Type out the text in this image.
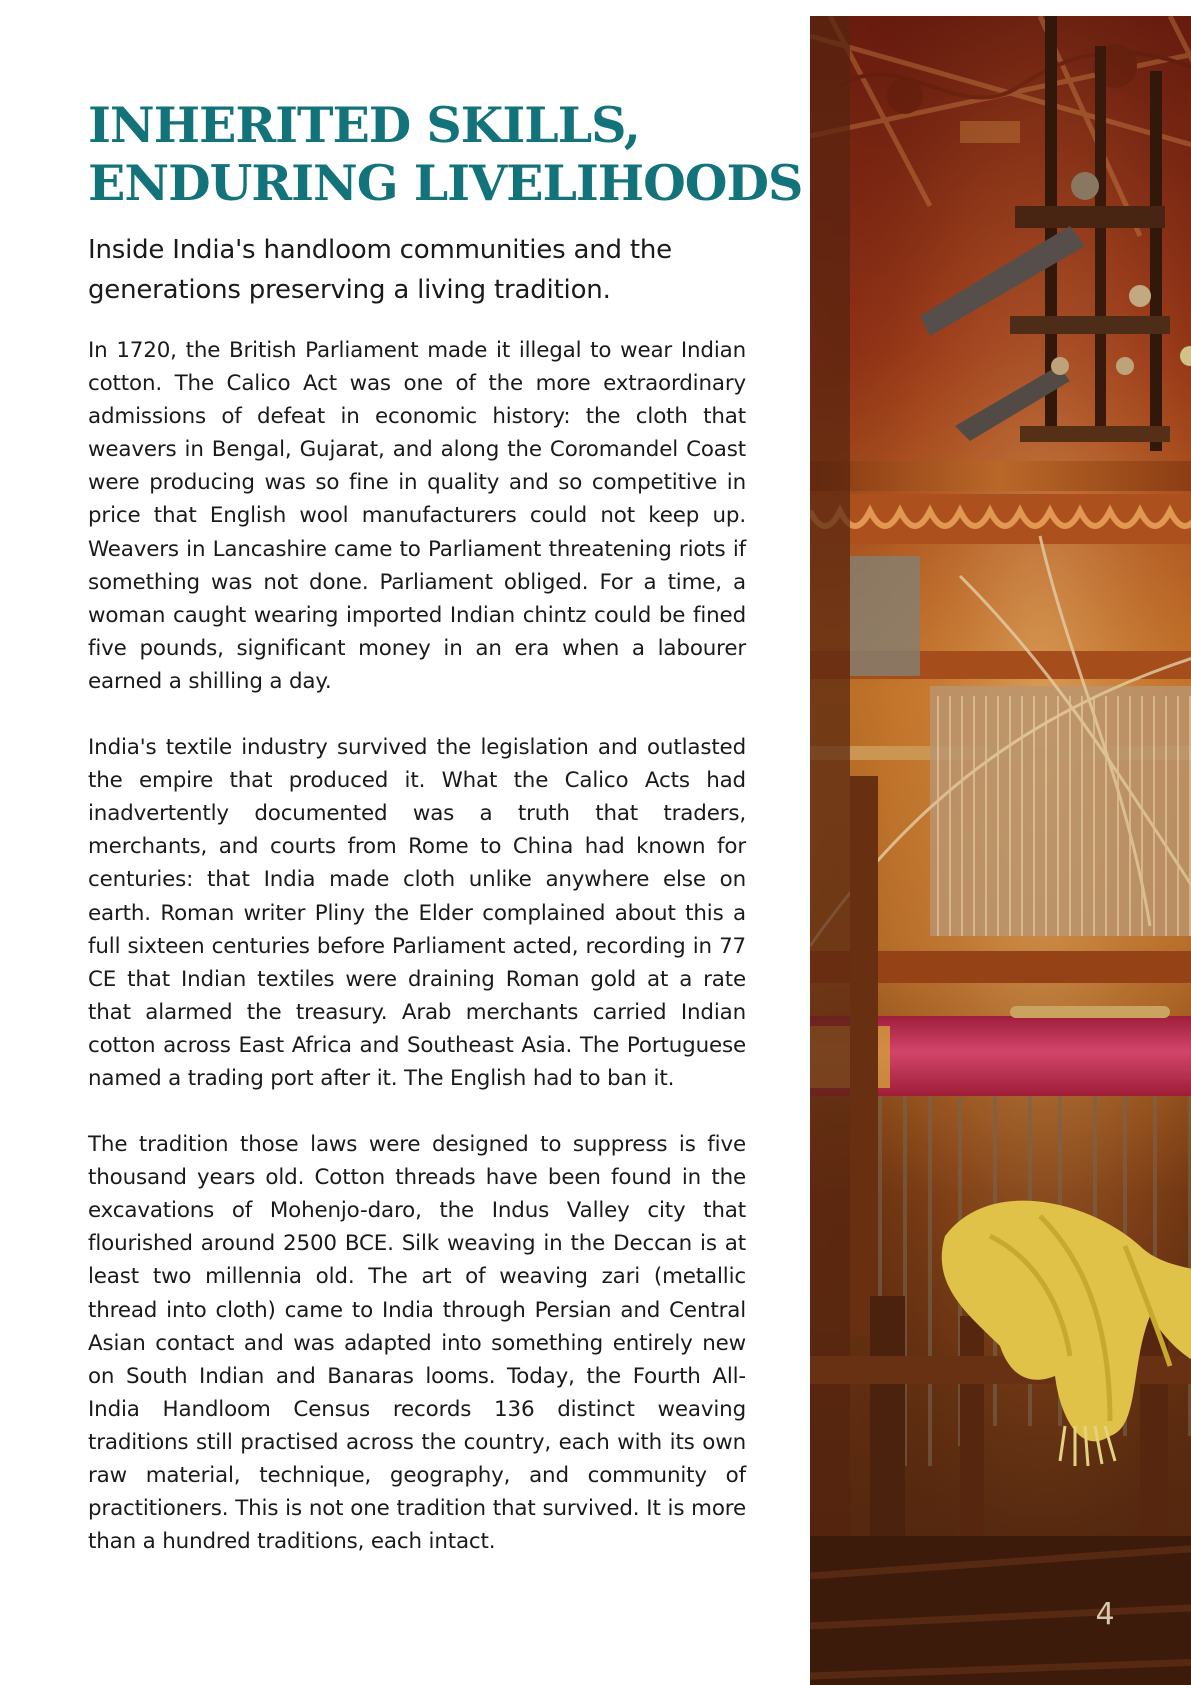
INHERITED SKILLS,
ENDURING LIVELIHOODS

Inside India's handloom communities and the generations preserving a living tradition.

In 1720, the British Parliament made it illegal to wear Indian cotton. The Calico Act was one of the more extraordinary admissions of defeat in economic history: the cloth that weavers in Bengal, Gujarat, and along the Coromandel Coast were producing was so fine in quality and so competitive in price that English wool manufacturers could not keep up. Weavers in Lancashire came to Parliament threatening riots if something was not done. Parliament obliged. For a time, a woman caught wearing imported Indian chintz could be fined five pounds, significant money in an era when a labourer earned a shilling a day.

India's textile industry survived the legislation and outlasted the empire that produced it. What the Calico Acts had inadvertently documented was a truth that traders, merchants, and courts from Rome to China had known for centuries: that India made cloth unlike anywhere else on earth. Roman writer Pliny the Elder complained about this a full sixteen centuries before Parliament acted, recording in 77 CE that Indian textiles were draining Roman gold at a rate that alarmed the treasury. Arab merchants carried Indian cotton across East Africa and Southeast Asia. The Portuguese named a trading port after it. The English had to ban it.

The tradition those laws were designed to suppress is five thousand years old. Cotton threads have been found in the excavations of Mohenjo-daro, the Indus Valley city that flourished around 2500 BCE. Silk weaving in the Deccan is at least two millennia old. The art of weaving zari (metallic thread into cloth) came to India through Persian and Central Asian contact and was adapted into something entirely new on South Indian and Banaras looms. Today, the Fourth All-India Handloom Census records 136 distinct weaving traditions still practised across the country, each with its own raw material, technique, geography, and community of practitioners. This is not one tradition that survived. It is more than a hundred traditions, each intact.

4
